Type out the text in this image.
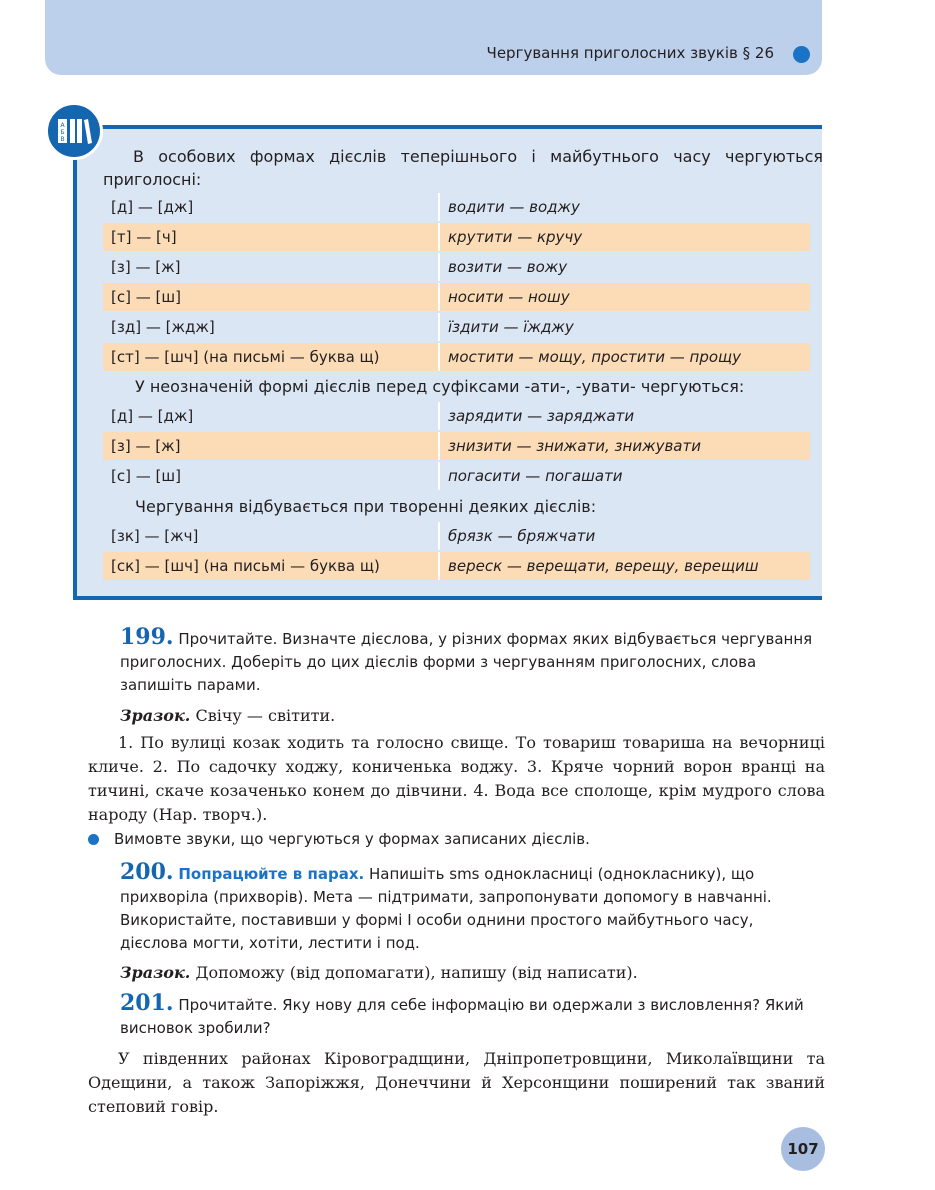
Чергування приголосних звуків § 26
А
Б
В

В особових формах дієслів теперішнього і майбутнього часу чергуються приголосні:

[д] — [дж]	водити — воджу
[т] — [ч]	крутити — кручу
[з] — [ж]	возити — вожу
[с] — [ш]	носити — ношу
[зд] — [ждж]	їздити — їжджу
[ст] — [шч] (на письмі — буква щ)	мостити — мощу, простити — прощу

У неозначеній формі дієслів перед суфіксами -ати-, -увати- чергуються:

[д] — [дж]	зарядити — заряджати
[з] — [ж]	знизити — знижати, знижувати
[с] — [ш]	погасити — погашати

Чергування відбувається при творенні деяких дієслів:

[зк] — [жч]	брязк — бряжчати
[ск] — [шч] (на письмі — буква щ)	вереск — верещати, верещу, верещиш

199. Прочитайте. Визначте дієслова, у різних формах яких відбувається чергування приголосних. Доберіть до цих дієслів форми з чергуванням приголосних, слова запишіть парами.

Зразок. Свічу — світити.

1. По вулиці козак ходить та голосно свище. То товариш товариша на вечорниці кличе. 2. По садочку ходжу, кониченька воджу. 3. Кряче чорний ворон вранці на тичині, скаче козаченько конем до дівчини. 4. Вода все сполоще, крім мудрого слова народу (Нар. творч.).

Вимовте звуки, що чергуються у формах записаних дієслів.

200. Попрацюйте в парах. Напишіть sms однокласниці (однокласнику), що прихворіла (прихворів). Мета — підтримати, запропонувати допомогу в навчанні. Використайте, поставивши у формі І особи однини простого майбутнього часу, дієслова могти, хотіти, лестити і под.

Зразок. Допоможу (від допомагати), напишу (від написати).

201. Прочитайте. Яку нову для себе інформацію ви одержали з висловлення? Який висновок зробили?

У південних районах Кіровоградщини, Дніпропетровщини, Миколаївщини та Одещини, а також Запоріжжя, Донеччини й Херсонщини поширений так званий степовий говір.

107
